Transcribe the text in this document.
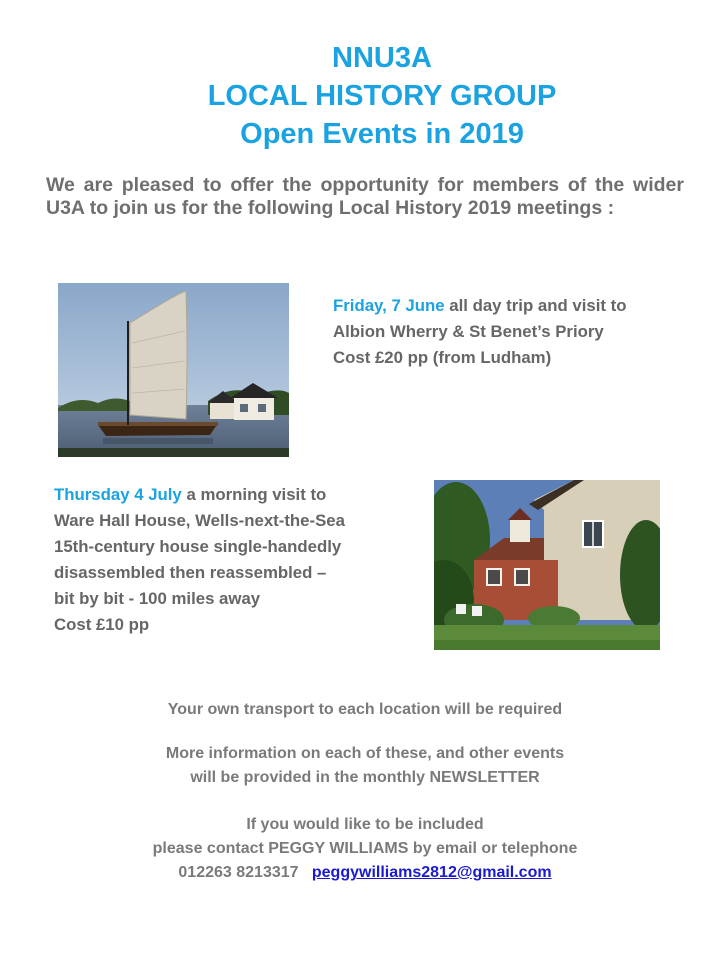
NNU3A
LOCAL HISTORY GROUP
Open Events in 2019
We are pleased to offer the opportunity for members of the wider U3A to join us for the following Local History 2019 meetings :
Friday, 7 June all day trip and visit to
Albion Wherry & St Benet’s Priory
Cost £20 pp (from Ludham)
Thursday 4 July a morning visit to
Ware Hall House, Wells-next-the-Sea
15th-century house single-handedly
disassembled then reassembled –
bit by bit - 100 miles away
Cost £10 pp
Your own transport to each location will be required
More information on each of these, and other events
will be provided in the monthly NEWSLETTER
If you would like to be included
please contact PEGGY WILLIAMS by email or telephone
012263 8213317 peggywilliams2812@gmail.com
